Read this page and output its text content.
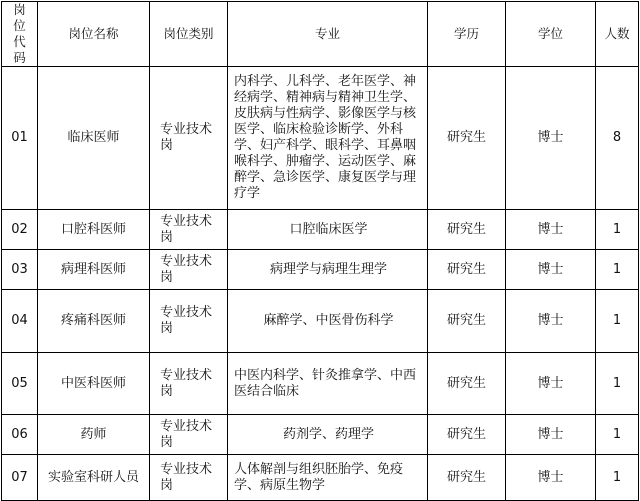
岗位代码	岗位名称	岗位类别	专业	学历	学位	人数
01	临床医师	专业技术岗	内科学、儿科学、老年医学、神经病学、精神病与精神卫生学、皮肤病与性病学、影像医学与核医学、临床检验诊断学、外科学、妇产科学、眼科学、耳鼻咽喉科学、肿瘤学、运动医学、麻醉学、急诊医学、康复医学与理疗学	研究生	博士	8
02	口腔科医师	专业技术岗	口腔临床医学	研究生	博士	1
03	病理科医师	专业技术岗	病理学与病理生理学	研究生	博士	1
04	疼痛科医师	专业技术岗	麻醉学、中医骨伤科学	研究生	博士	1
05	中医科医师	专业技术岗	中医内科学、针灸推拿学、中西医结合临床	研究生	博士	1
06	药师	专业技术岗	药剂学、药理学	研究生	博士	1
07	实验室科研人员	专业技术岗	人体解剖与组织胚胎学、免疫学、病原生物学	研究生	博士	1
